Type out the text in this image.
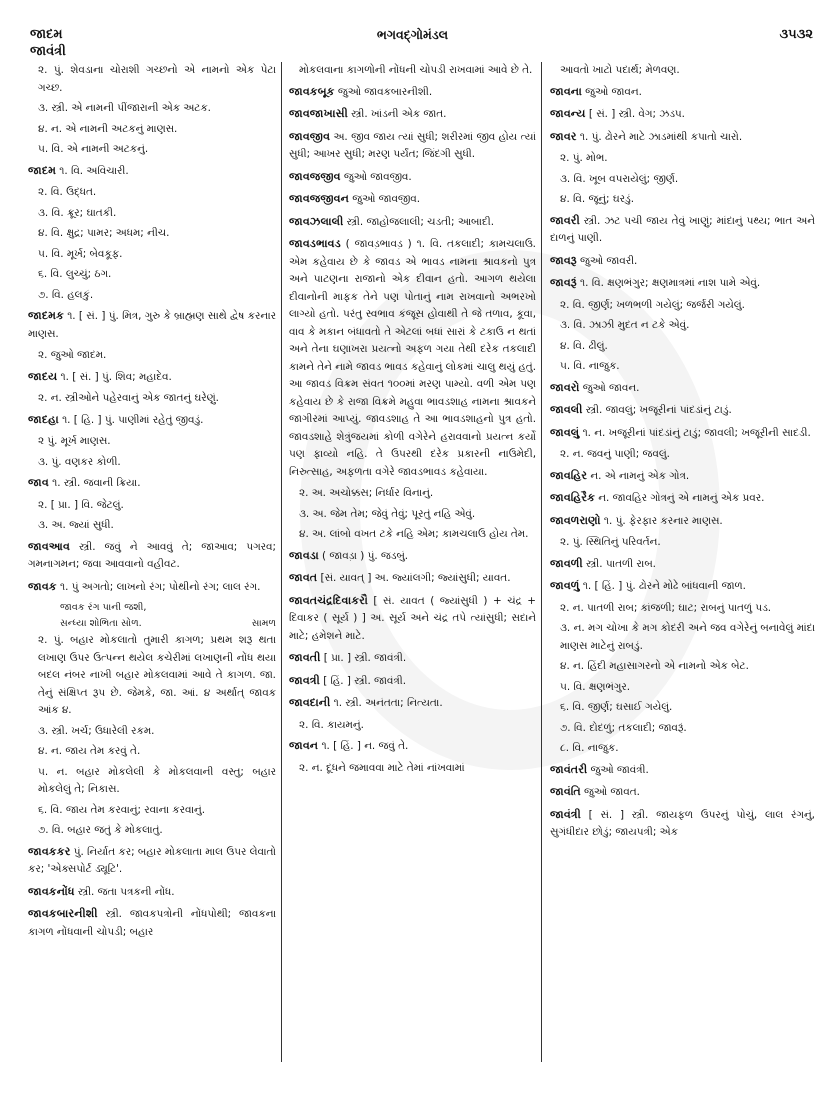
જાદમ
જાવંત્રી
ભગવદ્ગોમંડલ	૩૫૩૨
૨. પું. શેવડાના ચોરાશી ગચ્છનો એ નામનો એક પેટા ગચ્છ.
૩. સ્ત્રી. એ નામની પીંજારાની એક અટક.
૪. ન. એ નામની અટકનું માણસ.
૫. વિ. એ નામની અટકનું.
જાદમ ૧. વિ. અવિચારી.
૨. વિ. ઉદ્ધત.
૩. વિ. ક્રૂર; ઘાતકી.
૪. વિ. ક્ષુદ્ર; પામર; અધમ; નીચ.
૫. વિ. મૂર્ખ; બેવકૂફ.
૬. વિ. લુચ્ચું; ઠગ.
૭. વિ. હલકું.
જાદમક ૧. [ સં. ] પું. મિત્ર, ગુરુ કે બ્રાહ્મણ સાથે દ્વેષ કરનાર માણસ.
૨. જુઓ જાદમ.
જાદય ૧. [ સં. ] પું. શિવ; મહાદેવ.
૨. ન. સ્ત્રીઓને પહેરવાનું એક જાતનું ઘરેણું.
જાદહા ૧. [ હિ. ] પું. પાણીમાં રહેતું જીવડું.
૨ પું. મૂર્ખ માણસ.
૩. પું. વણકર કોળી.
જાવ ૧. સ્ત્રી. જવાની ક્રિયા.
૨. [ પ્રા. ] વિ. જેટલું.
૩. અ. જ્યાં સુધી.
જાવઆવ સ્ત્રી. જવું ને આવવું તે; જાઆવ; પગરવ; ગમનાગમન; જવા આવવાનો વહીવટ.
જાવક ૧. પું અગતો; લાખનો રંગ; પોથીનો રંગ; લાલ રંગ.
જાવક રંગ પાની જશી,
સામળ
સન્ધ્યા શોભિતા સોળ.
૨. પું. બહાર મોકલાતો તુમારી કાગળ; પ્રથમ શરૂ થતા લખાણ ઉપર ઉત્પન્ન થયેલ કચેરીમાં લખાણની નોંધ થયા બદલ નંબર નાખી બહાર મોકલવામાં આવે તે કાગળ. જા. તેનું સંક્ષિપ્ત રૂપ છે. જેમકે, જા. આં. ૪ અર્થાત્ જાવક આંક ૪.
૩. સ્ત્રી. ખર્ચ; ઉધારેલી રકમ.
૪. ન. જાય તેમ કરવું તે.
૫. ન. બહાર મોકલેલી કે મોકલવાની વસ્તુ; બહાર મોકલેલું તે; નિકાસ.
૬. વિ. જાય તેમ કરવાનું; રવાના કરવાનું.
૭. વિ. બહાર જતું કે મોકલાતું.
જાવકકર પું. નિર્યાત કર; બહાર મોકલાતા માલ ઉપર લેવાતો કર; 'એક્સપોર્ટ ડ્યૂટિ'.
જાવકનોંધ સ્ત્રી. જતા પત્રકની નોંધ.
જાવકબારનીશી સ્ત્રી. જાવકપત્રોની નોંધપોથી; જાવકના કાગળ નોંધવાની ચોપડી; બહાર
મોકલવાના કાગળોની નોંધની ચોપડી રાખવામાં આવે છે તે.
જાવકબૂક જુઓ જાવકબારનીશી.
જાવજાખાસી સ્ત્રી. ખાંડની એક જાત.
જાવજીવ અ. જીવ જાય ત્યાં સુધી; શરીરમાં જીવ હોય ત્યાં સુધી; આખર સુધી; મરણ પર્યંત; જિંદગી સુધી.
જાવજજીવ જુઓ જાવજીવ.
જાવજજીવન જુઓ જાવજીવ.
જાવઝલાલી સ્ત્રી. જાહોજલાલી; ચડતી; આબાદી.
જાવડભાવડ ( જાવડ઼ભાવડ઼ ) ૧. વિ. તકલાદી; કામચલાઉ. એમ કહેવાય છે કે જાવડ એ ભાવડ નામના શ્રાવકનો પુત્ર અને પાટણના રાજાનો એક દીવાન હતો. આગળ થયેલા દીવાનોની માફક તેને પણ પોતાનું નામ રાખવાનો અભરખો લાગ્યો હતો. પરંતુ સ્વભાવ કંજૂસ હોવાથી તે જે તળાવ, કૂવા, વાવ કે મકાન બંધાવતો તે એટલાં બધાં સારાં કે ટકાઉ ન થતાં અને તેના ઘણાખરા પ્રયત્નો અફળ ગયા તેથી દરેક તકલાદી કામને તેને નામે જાવડ ભાવડ કહેવાનું લોકમાં ચાલુ થયું હતું. આ જાવડ વિક્રમ સંવત ૧૦૦માં મરણ પામ્યો. વળી એમ પણ કહેવાય છે કે રાજા વિક્રમે મહુવા ભાવડશાહ નામના શ્રાવકને જાગીરમાં આપ્યું. જાવડશાહ તે આ ભાવડશાહનો પુત્ર હતો. જાવડશાહે શેત્રુંજયમાં કોળી વગેરેને હરાવવાનો પ્રયત્ન કર્યો પણ ફાવ્યો નહિ. તે ઉપરથી દરેક પ્રકારની નાઉમેદી, નિરુત્સાહ, અફળતા વગેરે જાવડભાવડ કહેવાયા.
૨. અ. અચોક્કસ; નિર્ધાર વિનાનું.
૩. અ. જેમ તેમ; જેવું તેવું; પૂરતું નહિ એવું.
૪. અ. લાંબો વખત ટકે નહિ એમ; કામચલાઉ હોય તેમ.
જાવડા ( જાવડ઼ા ) પું. જડબું.
જાવત [સં. યાવત્ ] અ. જ્યાંલગી; જ્યાંસુધી; યાવત.
જાવતચંદ્રદિવાકરૌ [ સં. યાવત ( જ્યાંસુધી ) + ચંદ્ર + દિવાકર ( સૂર્ય ) ] અ. સૂર્ય અને ચંદ્ર તપે ત્યાંસુધી; સદાને માટે; હમેશને માટે.
જાવતી [ પ્રા. ] સ્ત્રી. જાવંત્રી.
જાવત્રી [ હિં. ] સ્ત્રી. જાવંત્રી.
જાવદાની ૧. સ્ત્રી. અનંતતા; નિત્યતા.
૨. વિ. કાયમનું.
જાવન ૧. [ હિં. ] ન. જવું તે.
૨. ન. દૂધને જમાવવા માટે તેમાં નાંખવામાં
આવતો ખાટો પદાર્થ; મેળવણ.
જાવના જુઓ જાવન.
જાવન્ય [ સં. ] સ્ત્રી. વેગ; ઝડપ.
જાવર ૧. પું. ઢોરને માટે ઝાડમાંથી કપાતો ચારો.
૨. પું. મોભ.
૩. વિ. ખૂબ વપરાયેલું; જીર્ણ.
૪. વિ. જૂનું; ઘરડું.
જાવરી સ્ત્રી. ઝટ પચી જાય તેવું ખાણું; માંદાનું પથ્ય; ભાત અને દાળનું પાણી.
જાવરૂ જુઓ જાવરી.
જાવરૂં ૧. વિ. ક્ષણભંગુર; ક્ષણમાત્રમાં નાશ પામે એવું.
૨. વિ. જીર્ણ; ખળભળી ગયેલું; જર્જરી ગયેલું.
૩. વિ. ઝાઝી મુદત ન ટકે એવું.
૪. વિ. ઢીલું.
૫. વિ. નાજુક.
જાવરો જુઓ જાવન.
જાવલી સ્ત્રી. જાવલું; ખજૂરીનાં પાંદડાંનું ટાડું.
જાવલું ૧. ન. ખજૂરીનાં પાંદડાંનું ટાડું; જાવલી; ખજૂરીની સાદડી.
૨. ન. જવનું પાણી; જવલું.
જાવહિર ન. એ નામનું એક ગોત્ર.
જાવહિરૈક ન. જાવહિર ગોત્રનું એ નામનું એક પ્રવર.
જાવળરાણો ૧. પું. ફેરફાર કરનાર માણસ.
૨. પું. સ્થિતિનું પરિવર્તન.
જાવળી સ્ત્રી. પાતળી રાબ.
જાવળું ૧. [ હિં. ] પું. ઢોરને મોઢે બાંધવાની જાળ.
૨. ન. પાતળી રાબ; કાંજળી; ઘાટ; રાબનું પાતળું પડ.
૩. ન. મગ ચોખા કે મગ કોદરી અને જવ વગેરેનું બનાવેલું માંદા માણસ માટેનું રાબડું.
૪. ન. હિંદી મહાસાગરનો એ નામનો એક બેટ.
૫. વિ. ક્ષણભંગુર.
૬. વિ. જીર્ણ; ઘસાઈ ગયેલું.
૭. વિ. દોદળું; તકલાદી; જાવરૂં.
૮. વિ. નાજુક.
જાવંતરી જુઓ જાવંત્રી.
જાવંતિ જુઓ જાવત.
જાવંત્રી [ સં. ] સ્ત્રી. જાયફળ ઉપરનું પોચું, લાલ રંગનું, સુગંધીદાર છોડું; જાયપત્રી; એક
